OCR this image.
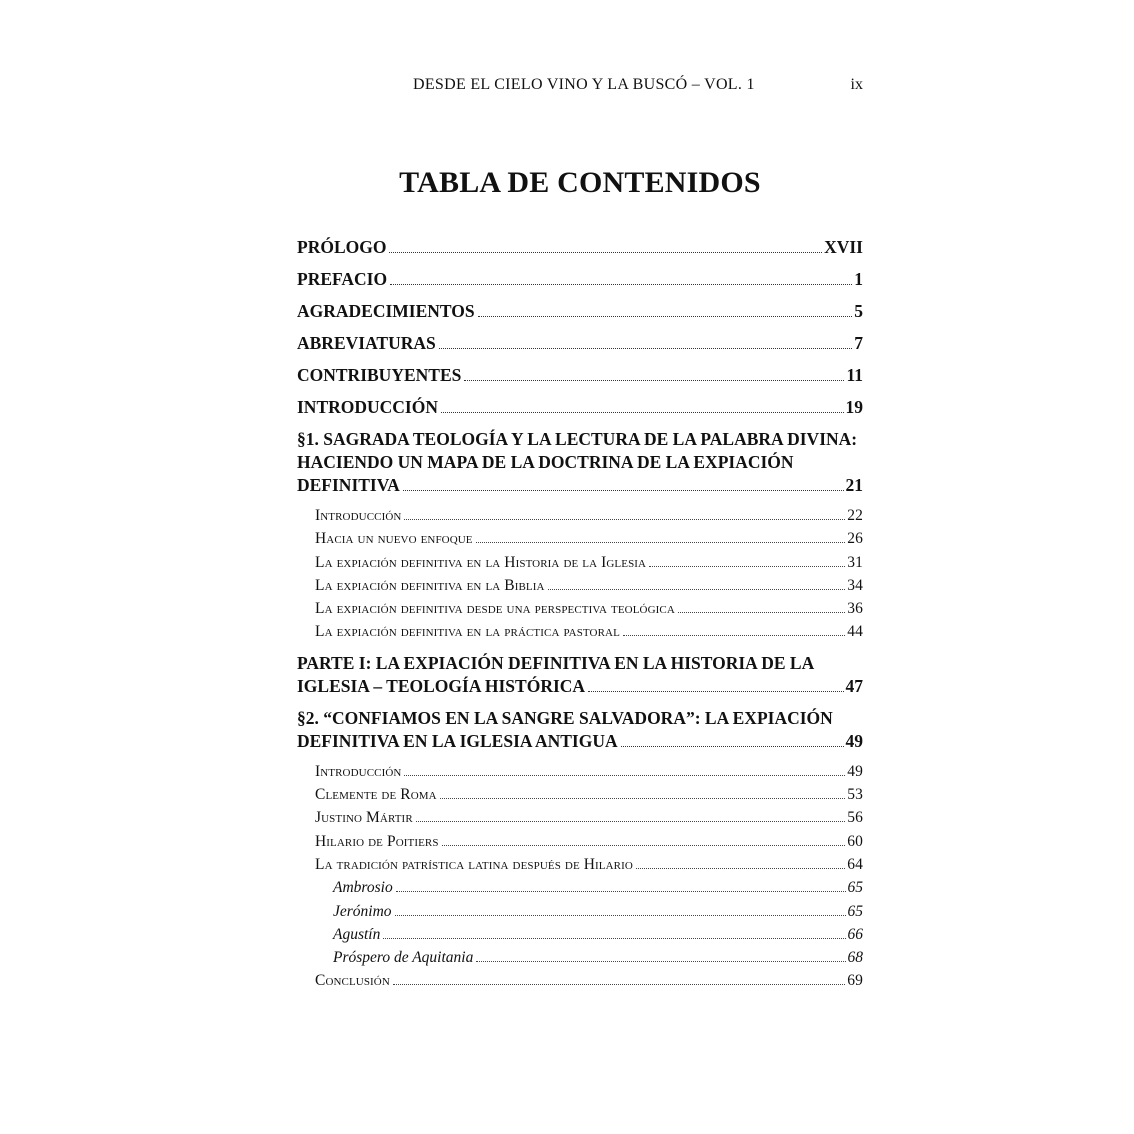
DESDE EL CIELO VINO Y LA BUSCÓ – VOL. 1	ix
TABLA DE CONTENIDOS
PRÓLOGO	XVII
PREFACIO	1
AGRADECIMIENTOS	5
ABREVIATURAS	7
CONTRIBUYENTES	11
INTRODUCCIÓN	19
§1. SAGRADA TEOLOGÍA Y LA LECTURA DE LA PALABRA DIVINA:
HACIENDO UN MAPA DE LA DOCTRINA DE LA EXPIACIÓN
DEFINITIVA	21
Introducción	22
Hacia un nuevo enfoque	26
La expiación definitiva en la Historia de la Iglesia	31
La expiación definitiva en la Biblia	34
La expiación definitiva desde una perspectiva teológica	36
La expiación definitiva en la práctica pastoral	44
PARTE I: LA EXPIACIÓN DEFINITIVA EN LA HISTORIA DE LA
IGLESIA – TEOLOGÍA HISTÓRICA	47
§2. “CONFIAMOS EN LA SANGRE SALVADORA”: LA EXPIACIÓN
DEFINITIVA EN LA IGLESIA ANTIGUA	49
Introducción	49
Clemente de Roma	53
Justino Mártir	56
Hilario de Poitiers	60
La tradición patrística latina después de Hilario	64
Ambrosio	65
Jerónimo	65
Agustín	66
Próspero de Aquitania	68
Conclusión	69
